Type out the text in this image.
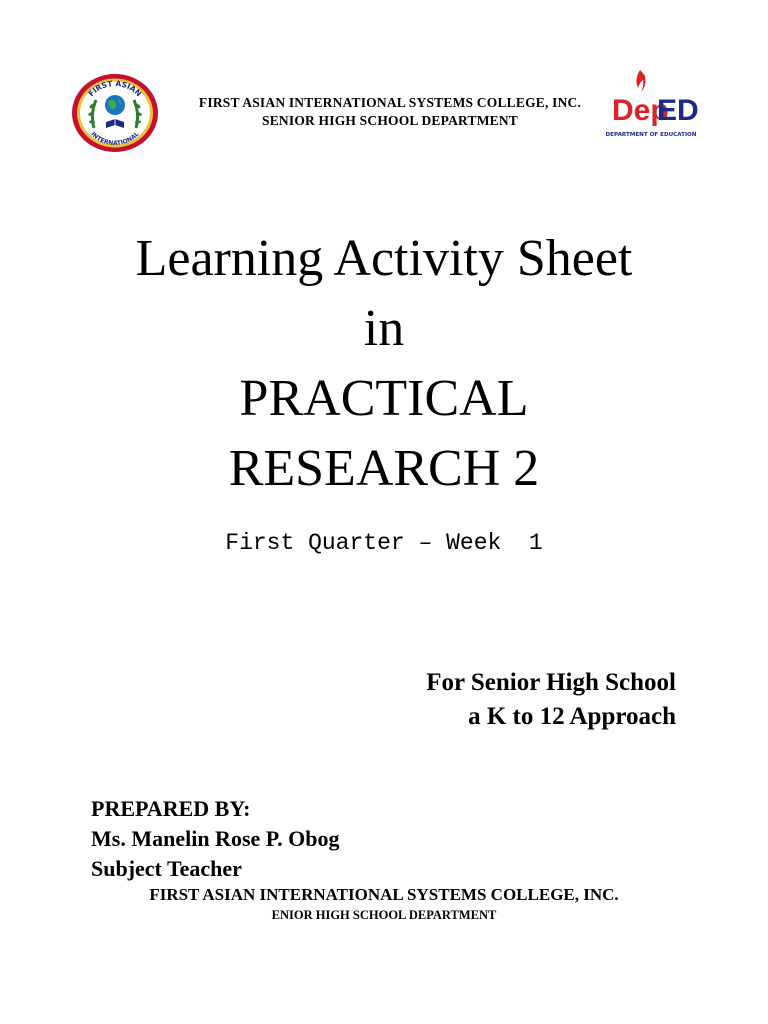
FIRST ASIAN
INTERNATIONAL
FIRST ASIAN INTERNATIONAL SYSTEMS COLLEGE, INC.
SENIOR HIGH SCHOOL DEPARTMENT	Dep
ED
DEPARTMENT OF EDUCATION
Learning Activity Sheet
in
PRACTICAL
RESEARCH 2
First Quarter – Week  1
For Senior High School
a K to 12 Approach
PREPARED BY:
Ms. Manelin Rose P. Obog
Subject Teacher
FIRST ASIAN INTERNATIONAL SYSTEMS COLLEGE, INC.
ENIOR HIGH SCHOOL DEPARTMENT
